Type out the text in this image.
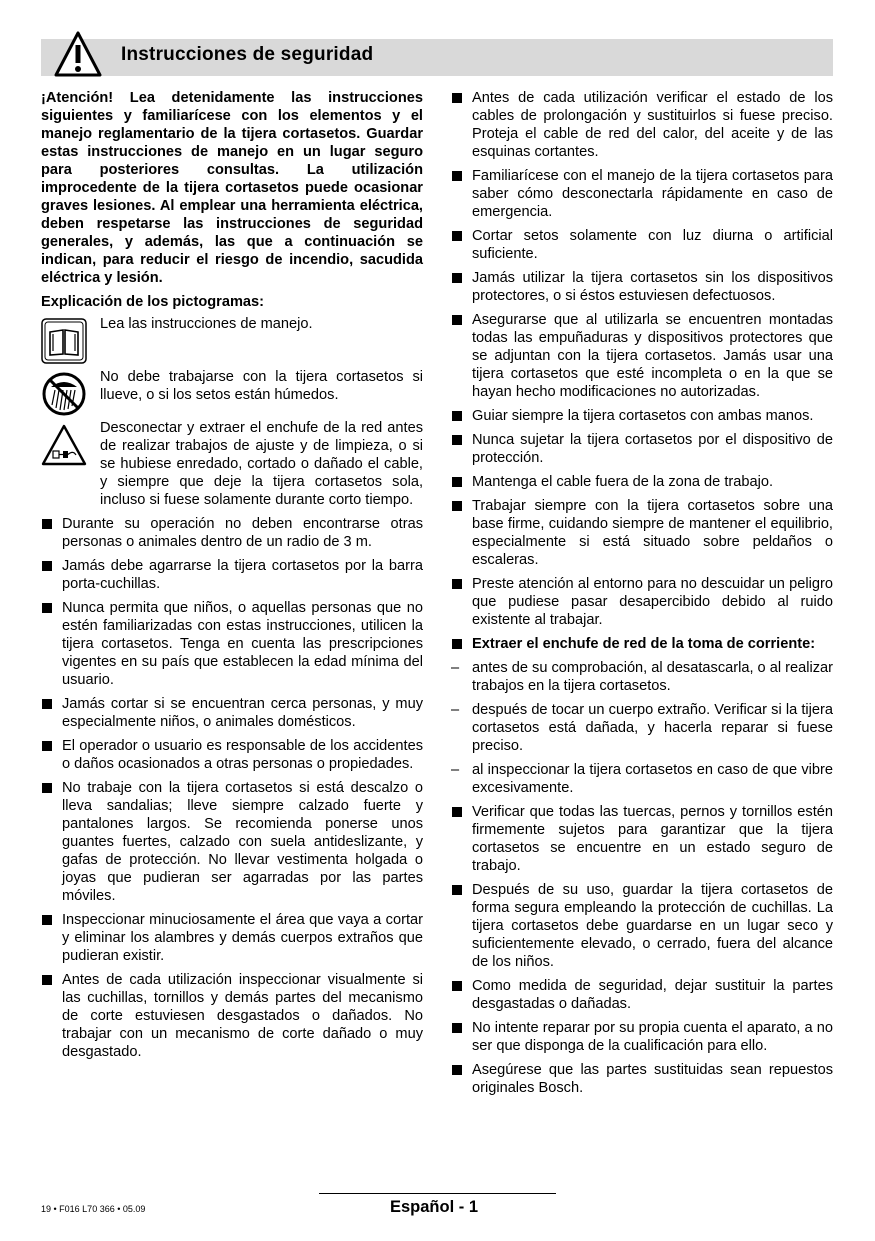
Instrucciones de seguridad

¡Atención! Lea detenidamente las instrucciones siguientes y familiarícese con los elementos y el manejo reglamentario de la tijera cortasetos. Guardar estas instrucciones de manejo en un lugar seguro para posteriores consultas. La utilización improcedente de la tijera cortasetos puede ocasionar graves lesiones. Al emplear una herramienta eléctrica, deben respetarse las instrucciones de seguridad generales, y además, las que a continuación se indican, para reducir el riesgo de incendio, sacudida eléctrica y lesión.

Explicación de los pictogramas:

Lea las instrucciones de manejo.
No debe trabajarse con la tijera cortasetos si llueve, o si los setos están húmedos.
Desconectar y extraer el enchufe de la red antes de realizar trabajos de ajuste y de limpieza, o si se hubiese enredado, cortado o dañado el cable, y siempre que deje la tijera cortasetos sola, incluso si fuese solamente durante corto tiempo.

Durante su operación no deben encontrarse otras personas o animales dentro de un radio de 3 m.

Jamás debe agarrarse la tijera cortasetos por la barra porta-cuchillas.

Nunca permita que niños, o aquellas personas que no estén familiarizadas con estas instrucciones, utilicen la tijera cortasetos. Tenga en cuenta las prescripciones vigentes en su país que establecen la edad mínima del usuario.

Jamás cortar si se encuentran cerca personas, y muy especialmente niños, o animales domésticos.

El operador o usuario es responsable de los accidentes o daños ocasionados a otras personas o propiedades.

No trabaje con la tijera cortasetos si está descalzo o lleva sandalias; lleve siempre calzado fuerte y pantalones largos. Se recomienda ponerse unos guantes fuertes, calzado con suela antideslizante, y gafas de protección. No llevar vestimenta holgada o joyas que pudieran ser agarradas por las partes móviles.

Inspeccionar minuciosamente el área que vaya a cortar y eliminar los alambres y demás cuerpos extraños que pudieran existir.

Antes de cada utilización inspeccionar visualmente si las cuchillas, tornillos y demás partes del mecanismo de corte estuviesen desgastados o dañados. No trabajar con un mecanismo de corte dañado o muy desgastado.

Antes de cada utilización verificar el estado de los cables de prolongación y sustituirlos si fuese preciso. Proteja el cable de red del calor, del aceite y de las esquinas cortantes.

Familiarícese con el manejo de la tijera cortasetos para saber cómo desconectarla rápidamente en caso de emergencia.

Cortar setos solamente con luz diurna o artificial suficiente.

Jamás utilizar la tijera cortasetos sin los dispositivos protectores, o si éstos estuviesen defectuosos.

Asegurarse que al utilizarla se encuentren montadas todas las empuñaduras y dispositivos protectores que se adjuntan con la tijera cortasetos. Jamás usar una tijera cortasetos que esté incompleta o en la que se hayan hecho modificaciones no autorizadas.

Guiar siempre la tijera cortasetos con ambas manos.

Nunca sujetar la tijera cortasetos por el dispositivo de protección.

Mantenga el cable fuera de la zona de trabajo.

Trabajar siempre con la tijera cortasetos sobre una base firme, cuidando siempre de mantener el equilibrio, especialmente si está situado sobre peldaños o escaleras.

Preste atención al entorno para no descuidar un peligro que pudiese pasar desapercibido debido al ruido existente al trabajar.

Extraer el enchufe de red de la toma de corriente:

– antes de su comprobación, al desatascarla, o al realizar trabajos en la tijera cortasetos.

– después de tocar un cuerpo extraño. Verificar si la tijera cortasetos está dañada, y hacerla reparar si fuese preciso.

– al inspeccionar la tijera cortasetos en caso de que vibre excesivamente.

Verificar que todas las tuercas, pernos y tornillos estén firmemente sujetos para garantizar que la tijera cortasetos se encuentre en un estado seguro de trabajo.

Después de su uso, guardar la tijera cortasetos de forma segura empleando la protección de cuchillas. La tijera cortasetos debe guardarse en un lugar seco y suficientemente elevado, o cerrado, fuera del alcance de los niños.

Como medida de seguridad, dejar sustituir la partes desgastadas o dañadas.

No intente reparar por su propia cuenta el aparato, a no ser que disponga de la cualificación para ello.

Asegúrese que las partes sustituidas sean repuestos originales Bosch.

19 • F016 L70 366 • 05.09	Español - 1
